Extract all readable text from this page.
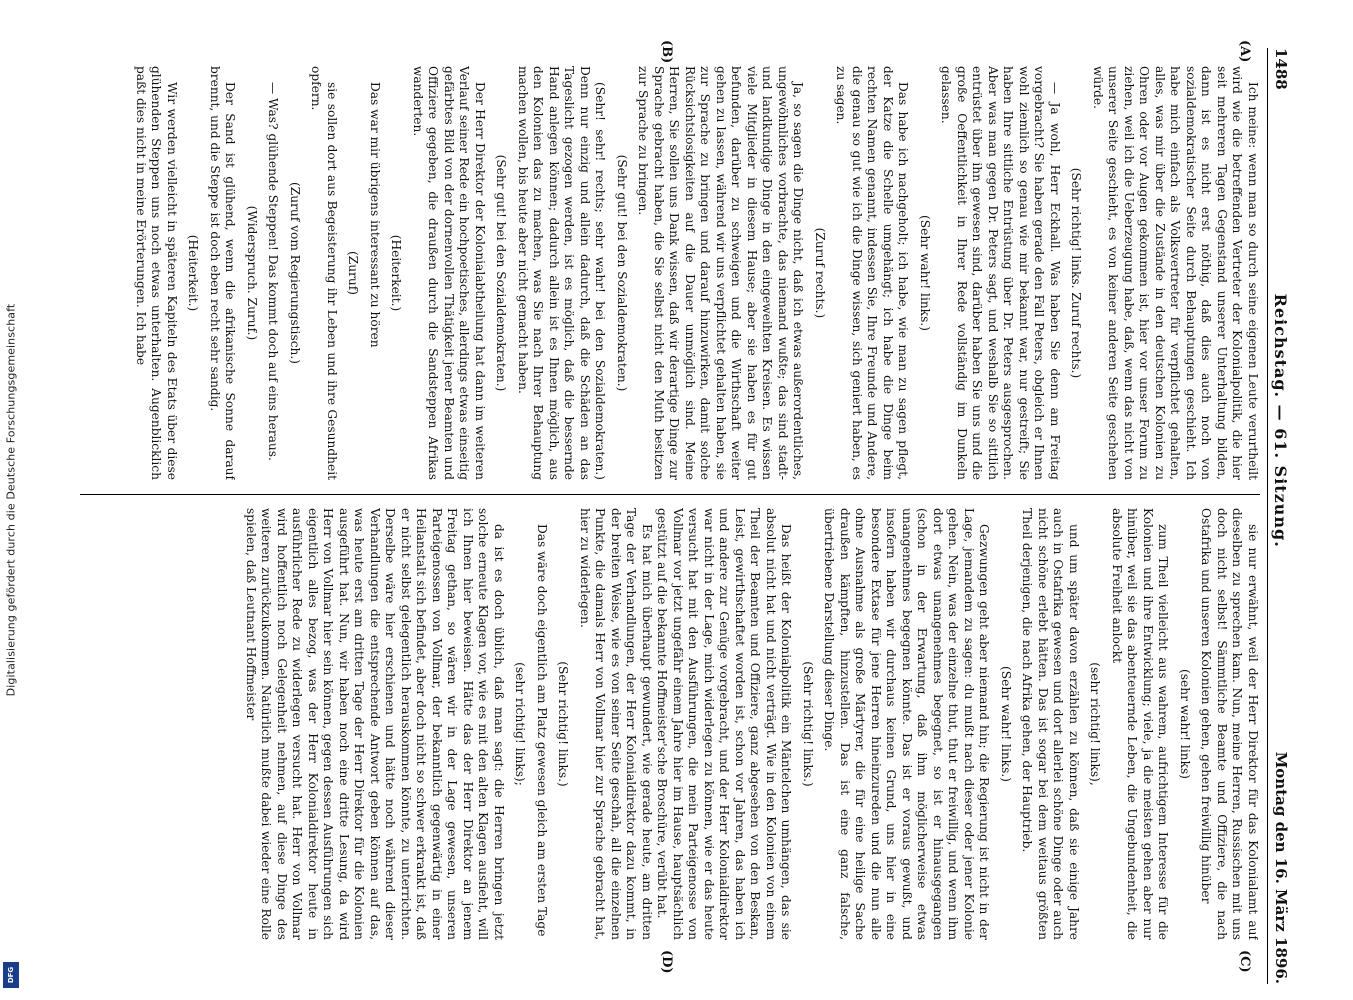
Digitalisierung gefördert durch die Deutsche Forschungsgemeinschaft
DFG
1488
Reichstag. — 61. Sitzung.
Montag den 16. März 1896.
(A)
(B)
(C)
(D)

Ich meine: wenn man so durch seine eigenen Leute verurtheilt wird wie die betreffenden Vertreter der Kolonialpolitik, die hier seit mehreren Tagen Gegenstand unserer Unterhaltung bilden, dann ist es nicht erst nöthig, daß dies auch noch von sozialdemokratischer Seite durch Behauptungen geschieht. Ich habe mich einfach als Volksvertreter für verpflichtet gehalten, alles, was mir über die Zustände in den deutschen Kolonien zu Ohren oder vor Augen gekommen ist, hier vor unser Forum zu ziehen, weil ich die Ueberzeugung habe, daß, wenn das nicht von unserer Seite geschieht, es von keiner anderen Seite geschehen würde.

(Sehr richtig! links. Zuruf rechts.)

— Ja wohl, Herr Eckhall. Was haben Sie denn am Freitag vorgebracht? Sie haben gerade den Fall Peters, obgleich er Ihnen wohl ziemlich so genau wie mir bekannt war, nur gestreift; Sie haben Ihre sittliche Entrüstung über Dr. Peters ausgesprochen. Aber was man gegen Dr. Peters sagt, und weshalb Sie so sittlich entrüstet über ihn gewesen sind, darüber haben Sie uns und die große Oeffentlichkeit in Ihrer Rede vollständig im Dunkeln gelassen.

(Sehr wahr! links.)

Das habe ich nachgeholt; ich habe, wie man zu sagen pflegt, der Katze die Schelle umgehängt; ich habe die Dinge beim rechten Namen genannt, indessen Sie, Ihre Freunde und Andere, die genau so gut wie ich die Dinge wissen, sich geniert haben, es zu sagen.

(Zuruf rechts.)

Ja, so sagen die Dinge nicht, daß ich etwas außerordentliches, ungewöhnliches vorbrachte, das niemand wußte; das sind stadt- und landkundige Dinge in den eingeweihten Kreisen. Es wissen viele Mitglieder in diesem Hause; aber sie haben es für gut befunden, darüber zu schweigen und die Wirthschaft weiter gehen zu lassen, während wir uns verpflichtet gehalten haben, sie zur Sprache zu bringen und darauf hinzuwirken, damit solche Rücksichtslosigkeiten auf die Dauer unmöglich sind. Meine Herren, Sie sollen uns Dank wissen, daß wir derartige Dinge zur Sprache gebracht haben, die Sie selbst nicht den Muth besitzen zur Sprache zu bringen.

(Sehr gut! bei den Sozialdemokraten.)

(Sehr! sehr! rechts; sehr wahr! bei den Sozialdemokraten.) Denn nur einzig und allein dadurch, daß die Schäden an das Tageslicht gezogen werden, ist es möglich, daß die bessernde Hand anlegen können; dadurch allein ist es Ihnen möglich, aus den Kolonien das zu machen, was Sie nach Ihrer Behauptung machen wollen, bis heute aber nicht gemacht haben.

(Sehr gut! bei den Sozialdemokraten.)

Der Herr Direktor der Kolonialabtheilung hat dann im weiteren Verlauf seiner Rede ein hochpoetisches, allerdings etwas einseitig gefärbtes Bild von der dornenvollen Thätigkeit jener Beamten und Offiziere gegeben, die draußen durch die Sandsteppen Afrikas wanderten.

(Heiterkeit.)

Das war mir übrigens interessant zu hören

(Zuruf)

sie sollen dort aus Begeisterung ihr Leben und ihre Gesundheit opfern.

(Zuruf vom Regierungstisch.)

— Was? glühende Steppen! Das kommt doch auf eins heraus.

(Widerspruch. Zuruf.)

Der Sand ist glühend, wenn die afrikanische Sonne darauf brennt, und die Steppe ist doch eben recht sehr sandig.

(Heiterkeit.)

Wir werden vielleicht in späteren Kapiteln des Etats über diese glühenden Steppen uns noch etwas unterhalten. Augenblicklich paßt dies nicht in meine Erörterungen. Ich habe

sie nur erwähnt, weil der Herr Direktor für das Kolonialamt auf dieselben zu sprechen kam. Nun, meine Herren, Russischen mit uns doch nicht selbst! Sämmtliche Beamte und Offiziere, die nach Ostafrika und unseren Kolonien gehen, gehen freiwillig hinüber

(sehr wahr! links)

zum Theil vielleicht aus wahrem, aufrichtigem Interesse für die Kolonien und ihre Entwicklung; viele, ja die meisten gehen aber nur hinüber, weil sie das abenteuernde Leben, die Ungebundenheit, die absolute Freiheit anlockt

(sehr richtig! links),

und um später davon erzählen zu können, daß sie einige Jahre auch in Ostafrika gewesen und dort allerlei schöne Dinge oder auch nicht schöne erlebt hätten. Das ist sogar bei dem weitaus größten Theil derjenigen, die nach Afrika gehen, der Hauptrieb.

(Sehr wahr! links.)

Gezwungen geht aber niemand hin; die Regierung ist nicht in der Lage, jemandem zu sagen: du mußt nach dieser oder jener Kolonie gehen. Nein, was der einzelne thut, thut er freiwillig, und wenn ihm dort etwas unangenehmes begegnet, so ist er hinausgegangen (schon in der Erwartung, daß ihm möglicherweise etwas unangenehmes begegnen könnte. Das ist er voraus gewußt, und insofern haben wir durchaus keinen Grund, uns hier in eine besondere Extase für jene Herren hineinzureden und die nun alle ohne Ausnahme als große Märtyrer, die für eine heilige Sache draußen kämpften, hinzustellen. Das ist eine ganz falsche, übertriebene Darstellung dieser Dinge.

(Sehr richtig! links.)

Das heißt der Kolonialpolitik ein Mäntelchen umhängen, das sie absolut nicht hat und nicht verträgt. Wie in den Kolonien von einem Theil der Beamten und Offiziere, ganz abgesehen von den Beskan, Leist, gewirthschaftet worden ist, schon vor Jahren, das haben ich und andere zur Genüge vorgebracht, und der Herr Kolonialdirektor war nicht in der Lage, mich widerlegen zu können, wie er das heute versucht hat mit den Ausführungen, die mein Parteigenosse von Vollmar vor jetzt ungefähr einem Jahre hier im Hause, hauptsächlich gestützt auf die bekannte Hoffmeister'sche Broschüre, verübt hat.

Es hat mich überhaupt gewundert, wie gerade heute, am dritten Tage der Verhandlungen, der Herr Kolonialdirektor dazu kommt, in der breiten Weise, wie es von seiner Seite geschah, all die einzelnen Punkte, die damals Herr von Vollmar hier zur Sprache gebracht hat, hier zu widerlegen.

(Sehr richtig! links.)

Das wäre doch eigentlich am Platz gewesen gleich am ersten Tage

(sehr richtig! links);

da ist es doch üblich, daß man sagt: die Herren bringen jetzt solche erneute Klagen vor, wie es mit den alten Klagen ausfieht, will ich Ihnen hier beweisen. Hätte das der Herr Direktor an jenem Freitag gethan, so wären wir in der Lage gewesen, unseren Parteigenossen von Vollmar, der bekanntlich gegenwärtig in einer Heilanstalt sich befindet, aber doch nicht so schwer erkrankt ist, daß er nicht selbst gelegentlich herauskommen könnte, zu unterrichten. Derselbe wäre hier erschienen und hätte noch während dieser Verhandlungen die entsprechende Antwort geben können auf das, was heute erst am dritten Tage der Herr Direktor für die Kolonien ausgeführt hat. Nun, wir haben noch eine dritte Lesung, da wird Herr von Vollmar hier sein können, gegen dessen Ausführungen sich eigentlich alles bezog, was der Herr Kolonialdirektor heute in ausführlicher Rede zu widerlegen versucht hat. Herr von Vollmar wird hoffentlich noch Gelegenheit nehmen, auf diese Dinge des weiteren zurückzukommen. Natürlich mußte dabei wieder eine Rolle spielen, daß Leutnant Hoffmeister
